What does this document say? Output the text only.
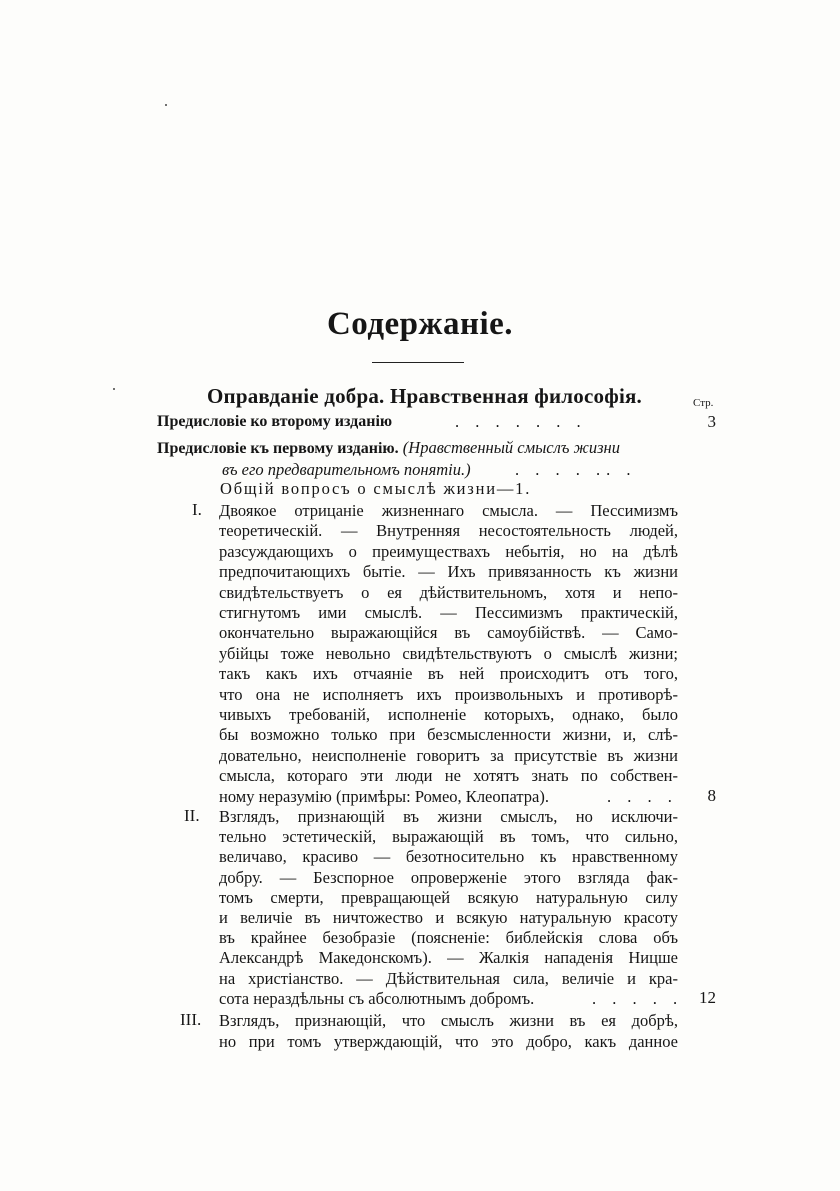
Содержаніе.
Оправданіе добра. Нравственная философія.	Стр.
Предисловіе ко второму изданію	. . . . . . .	3
Предисловіе къ первому изданію. (Нравственный смыслъ жизни
въ его предварительномъ понятіи.)	. . . . .. .
Общій вопросъ о смыслѣ жизни—1.
I. Двоякое отрицаніе жизненнаго смысла. — Пессимизмъ
теоретическій. — Внутренняя несостоятельность людей,
разсуждающихъ о преимуществахъ небытія, но на дѣлѣ
предпочитающихъ бытіе. — Ихъ привязанность къ жизни
свидѣтельствуетъ о ея дѣйствительномъ, хотя и непо-
стигнутомъ ими смыслѣ. — Пессимизмъ практическій,
окончательно выражающійся въ самоубійствѣ. — Само-
убійцы тоже невольно свидѣтельствуютъ о смыслѣ жизни;
такъ какъ ихъ отчаяніе въ ней происходитъ отъ того,
что она не исполняетъ ихъ произвольныхъ и противорѣ-
чивыхъ требованій, исполненіе которыхъ, однако, было
бы возможно только при безсмысленности жизни, и, слѣ-
довательно, неисполненіе говоритъ за присутствіе въ жизни
смысла, котораго эти люди не хотятъ знать по собствен-
ному неразумію (примѣры: Ромео, Клеопатра).	. . . .	8
II. Взглядъ, признающій въ жизни смыслъ, но исключи-
тельно эстетическій, выражающій въ томъ, что сильно,
величаво, красиво — безотносительно къ нравственному
добру. — Безспорное опроверженіе этого взгляда фак-
томъ смерти, превращающей всякую натуральную силу
и величіе въ ничтожество и всякую натуральную красоту
въ крайнее безобразіе (поясненіе: библейскія слова объ
Александрѣ Македонскомъ). — Жалкія нападенія Ницше
на христіанство. — Дѣйствительная сила, величіе и кра-
сота нераздѣльны съ абсолютнымъ добромъ.	. . . . . 12
III. Взглядъ, признающій, что смыслъ жизни въ ея добрѣ,
но при томъ утверждающій, что это добро, какъ данное
